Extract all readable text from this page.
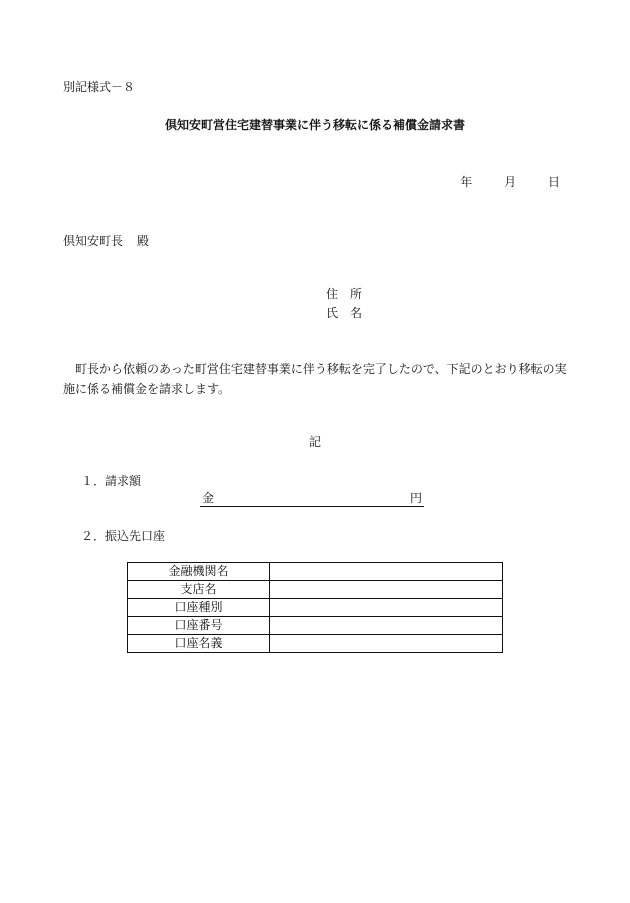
別記様式－８
倶知安町営住宅建替事業に伴う移転に係る補償金請求書
年	月	日
倶知安町長 殿
住　所
氏　名
町長から依頼のあった町営住宅建替事業に伴う移転を完了したので、下記のとおり移転の実施に係る補償金を請求します。
記
１．請求額
金	円
２．振込先口座
金融機関名	
支店名	
口座種別	
口座番号	
口座名義	
